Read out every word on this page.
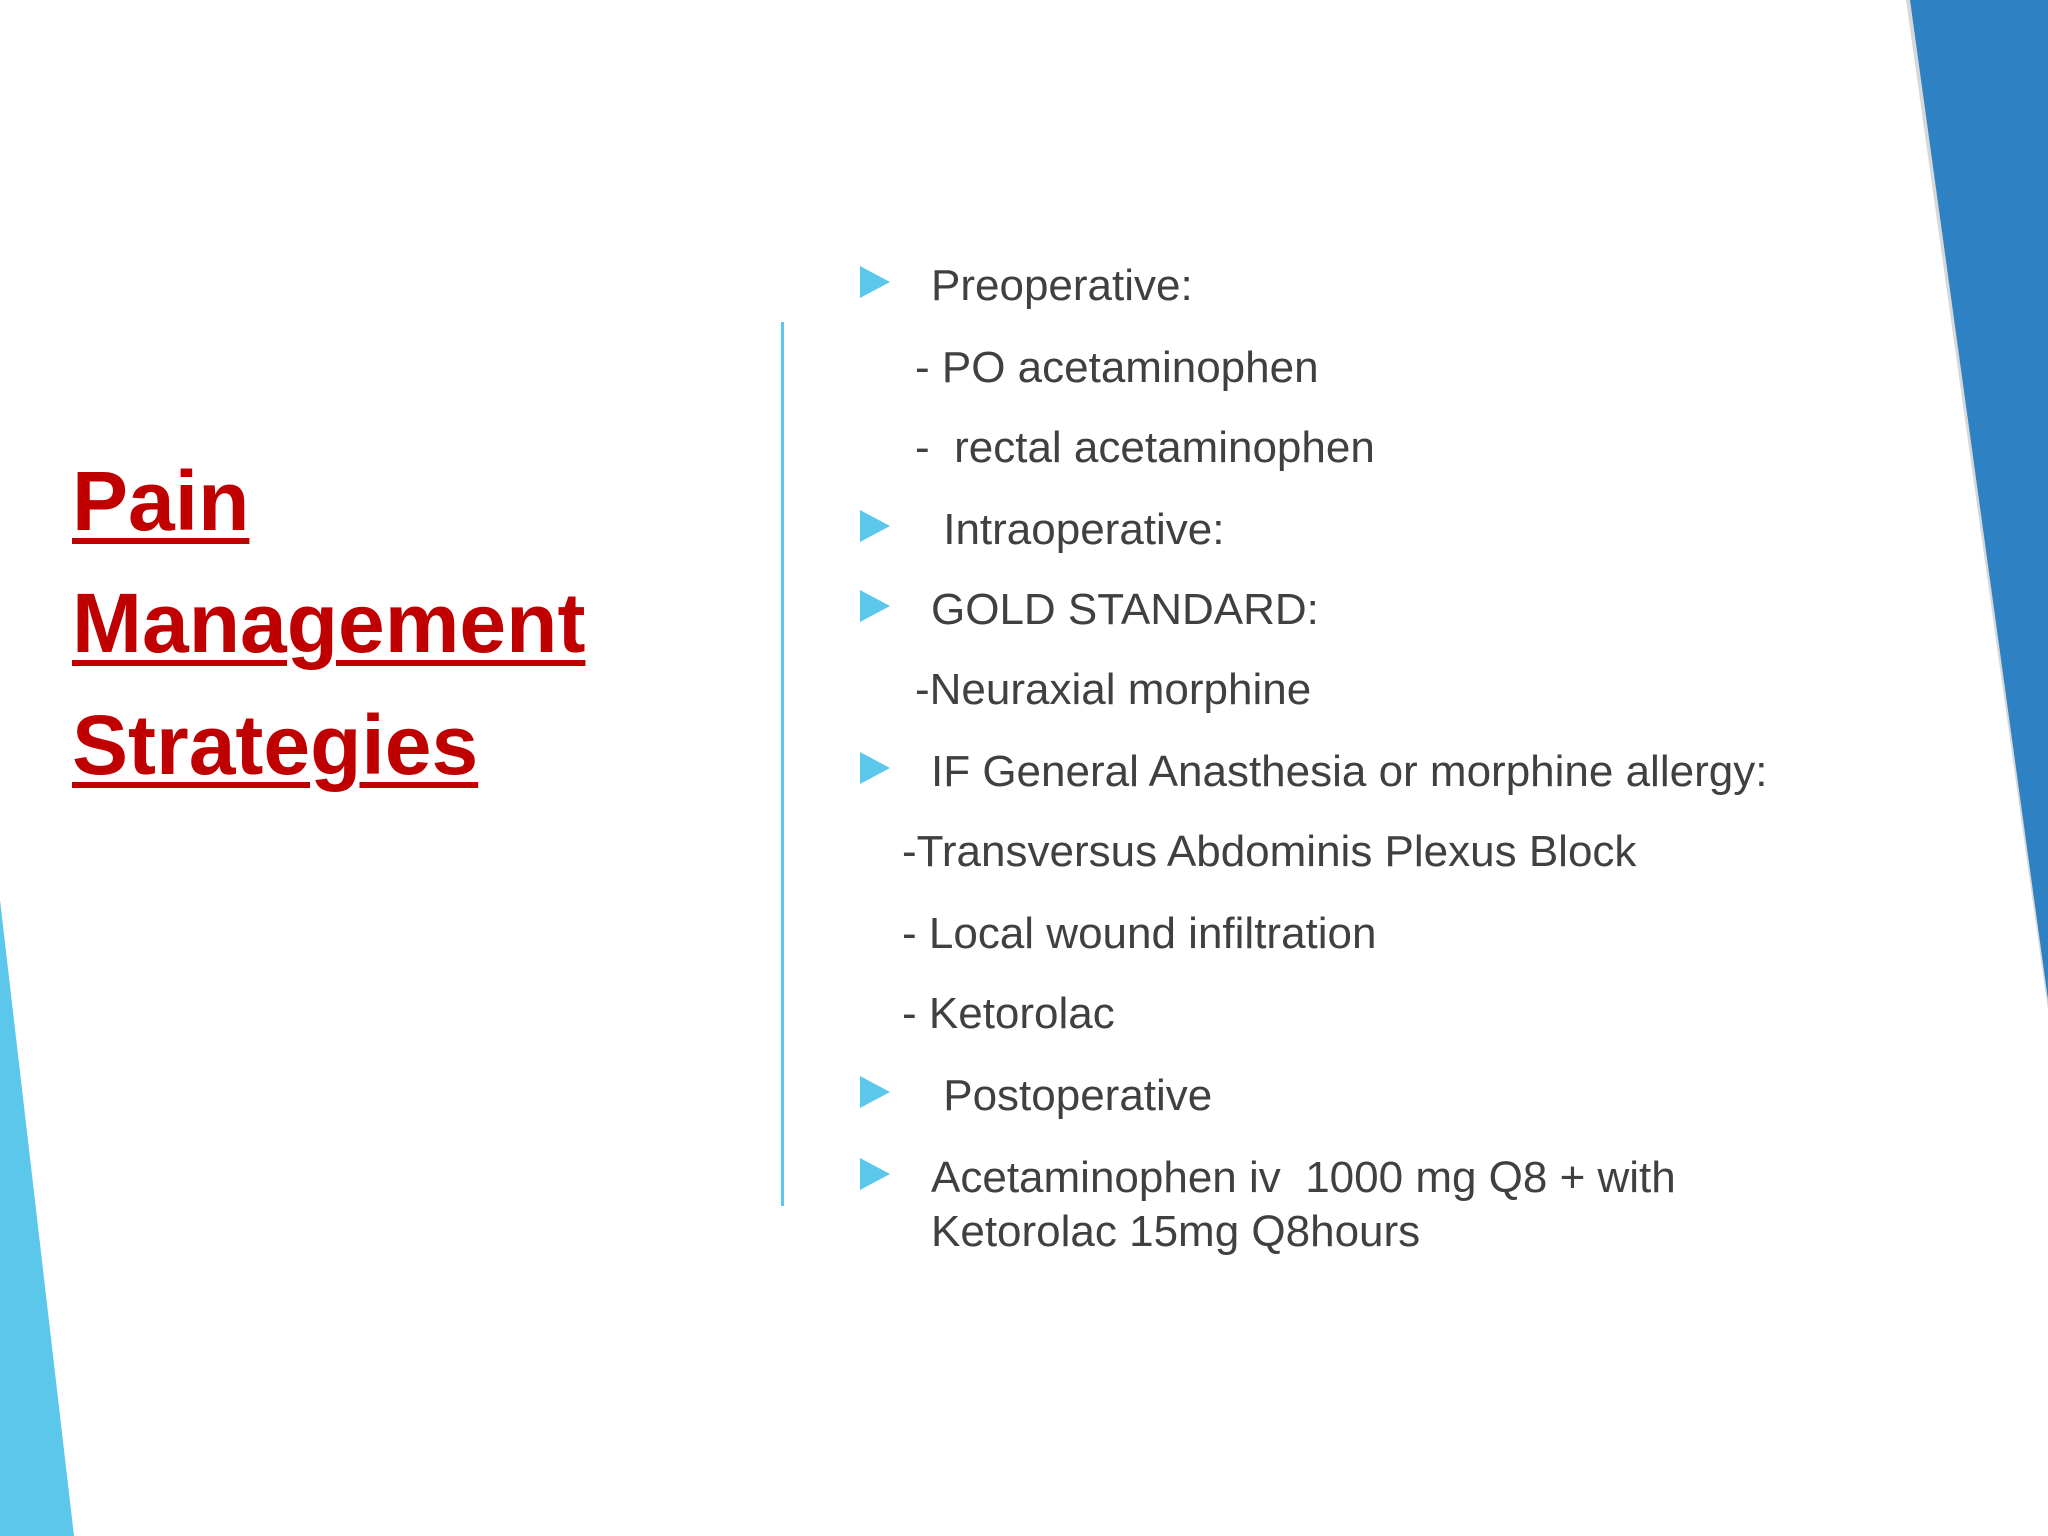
Pain
Management
Strategies
Preoperative:
- PO acetaminophen
-  rectal acetaminophen
Intraoperative:
GOLD STANDARD:
-Neuraxial morphine
IF General Anasthesia or morphine allergy:
-Transversus Abdominis Plexus Block
- Local wound infiltration
- Ketorolac
Postoperative
Acetaminophen iv  1000 mg Q8 + with
Ketorolac 15mg Q8hours
